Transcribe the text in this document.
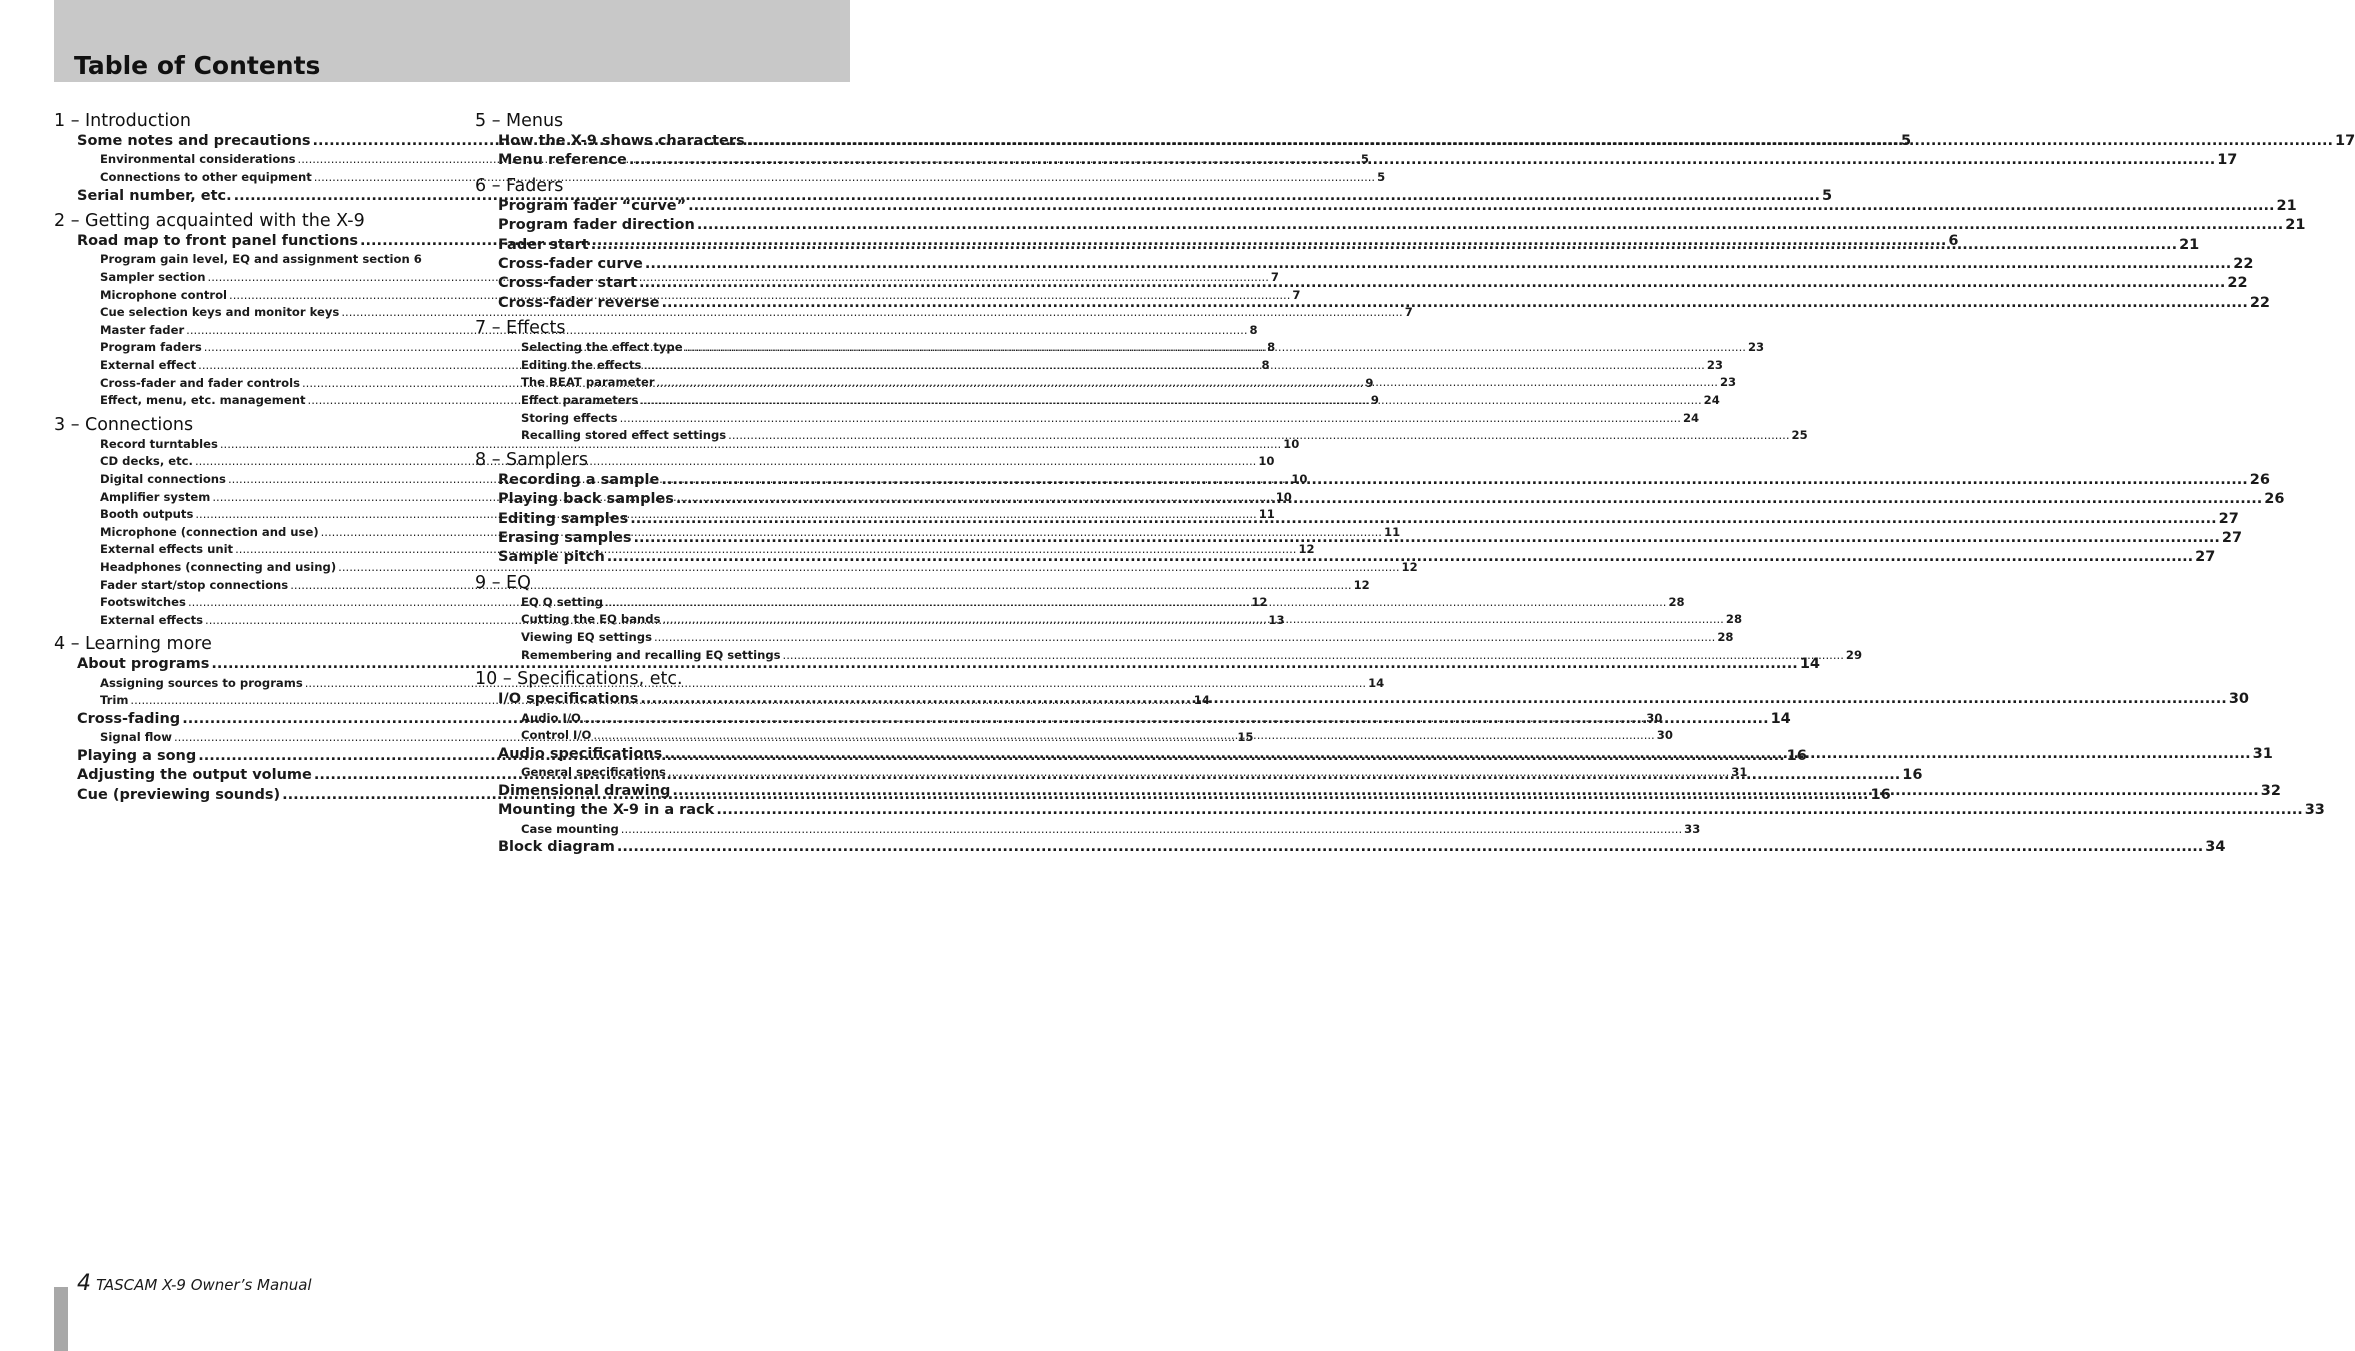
Table of Contents
1 – Introduction
Some notes and precautions .....	5
Environmental considerations .....	5
Connections to other equipment .....	5
Serial number, etc. .....	5
2 – Getting acquainted with the X-9
Road map to front panel functions .....	6
Program gain level, EQ and assignment section 6
Sampler section .....	7
Microphone control .....	7
Cue selection keys and monitor keys .....	7
Master fader .....	8
Program faders .....	8
External effect .....	8
Cross-fader and fader controls .....	9
Effect, menu, etc. management .....	9
3 – Connections
Record turntables .....	10
CD decks, etc. .....	10
Digital connections .....	10
Amplifier system .....	10
Booth outputs .....	11
Microphone (connection and use) .....	11
External effects unit .....	12
Headphones (connecting and using) .....	12
Fader start/stop connections .....	12
Footswitches .....	12
External effects .....	13
4 – Learning more
About programs .....	14
Assigning sources to programs .....	14
Trim .....	14
Cross-fading .....	14
Signal flow .....	15
Playing a song .....	16
Adjusting the output volume .....	16
Cue (previewing sounds) .....	16
5 – Menus
How the X-9 shows characters .....	17
Menu reference .....	17
6 – Faders
Program fader “curve” .....	21
Program fader direction .....	21
Fader start .....	21
Cross-fader curve .....	22
Cross-fader start .....	22
Cross-fader reverse .....	22
7 – Effects
Selecting the effect type .....	23
Editing the effects .....	23
The BEAT parameter .....	23
Effect parameters .....	24
Storing effects .....	24
Recalling stored effect settings .....	25
8 – Samplers
Recording a sample .....	26
Playing back samples .....	26
Editing samples .....	27
Erasing samples .....	27
Sample pitch .....	27
9 – EQ
EQ Q setting .....	28
Cutting the EQ bands .....	28
Viewing EQ settings .....	28
Remembering and recalling EQ settings .....	29
10 – Specifications, etc.
I/O specifications .....	30
Audio I/O .....	30
Control I/O .....	30
Audio specifications .....	31
General specifications .....	31
Dimensional drawing .....	32
Mounting the X-9 in a rack .....	33
Case mounting .....	33
Block diagram .....	34
4 TASCAM X-9 Owner’s Manual
